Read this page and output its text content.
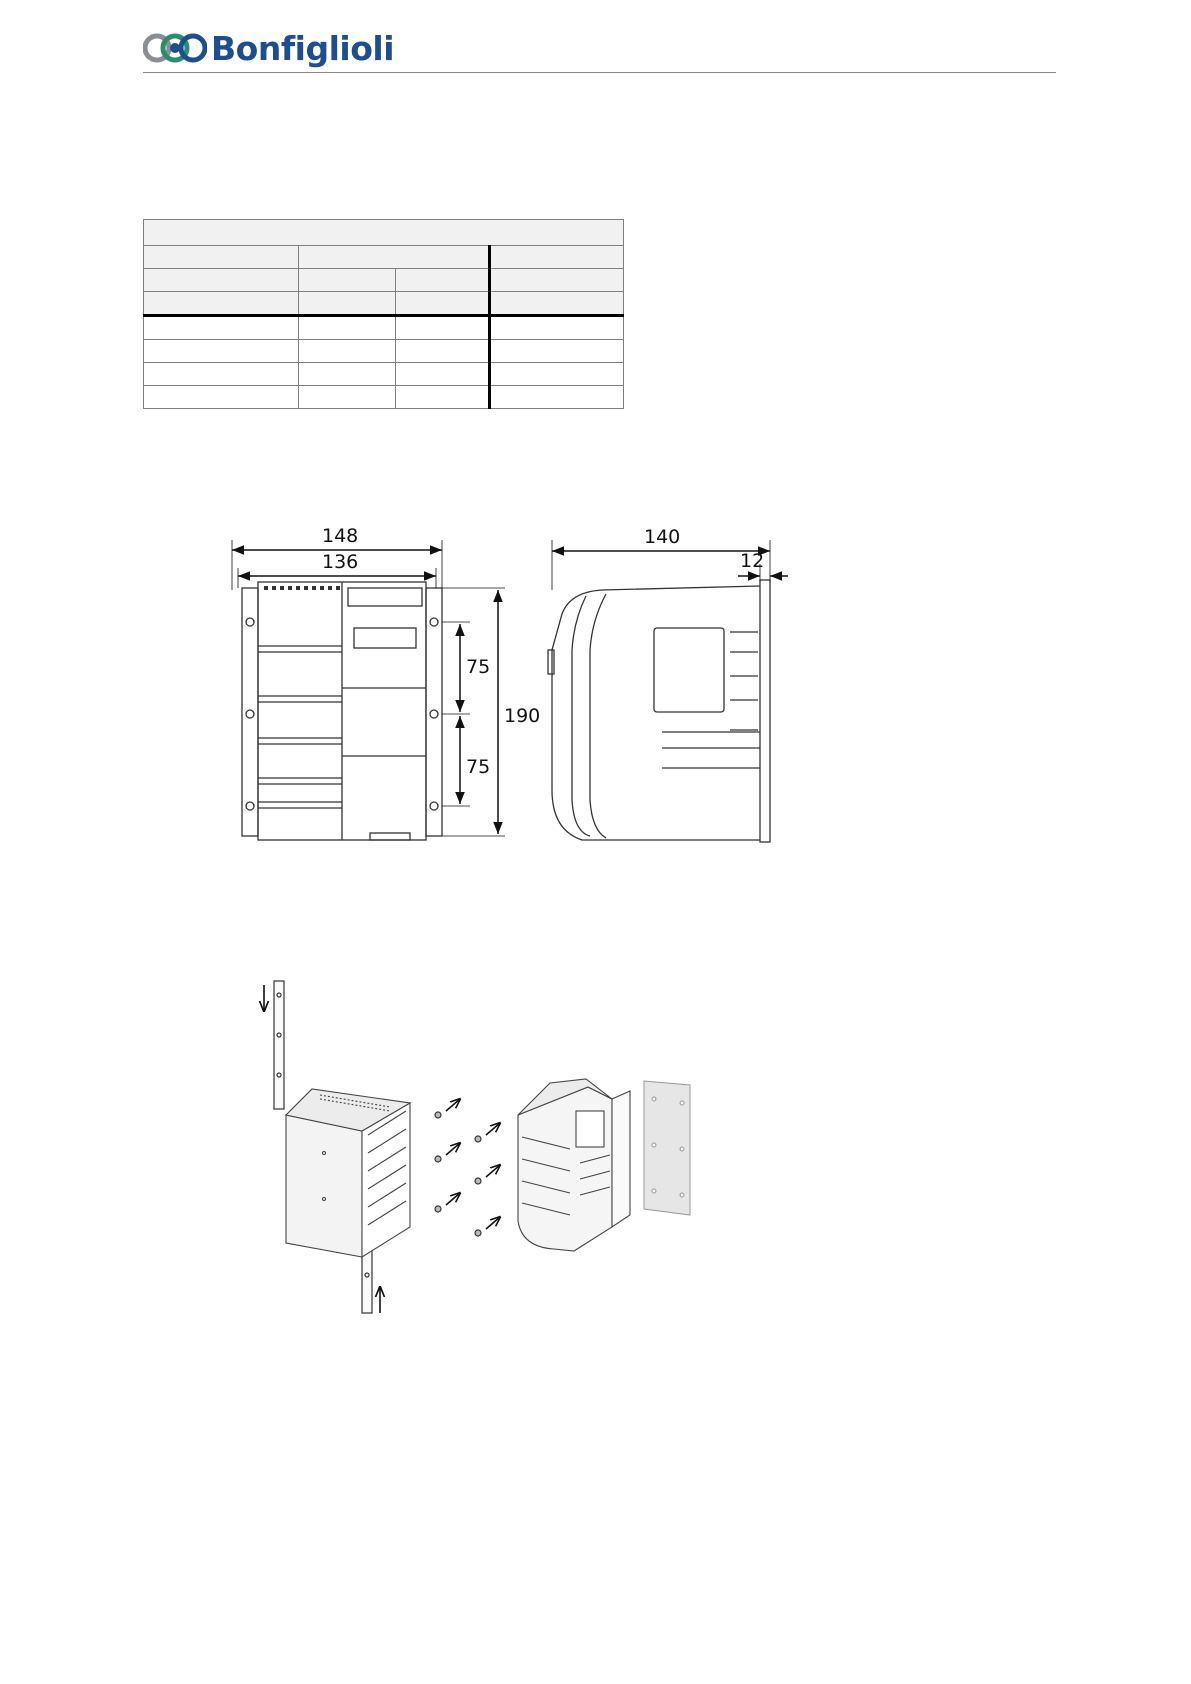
Bonfiglioli

148
136
75
75
190
140
12
